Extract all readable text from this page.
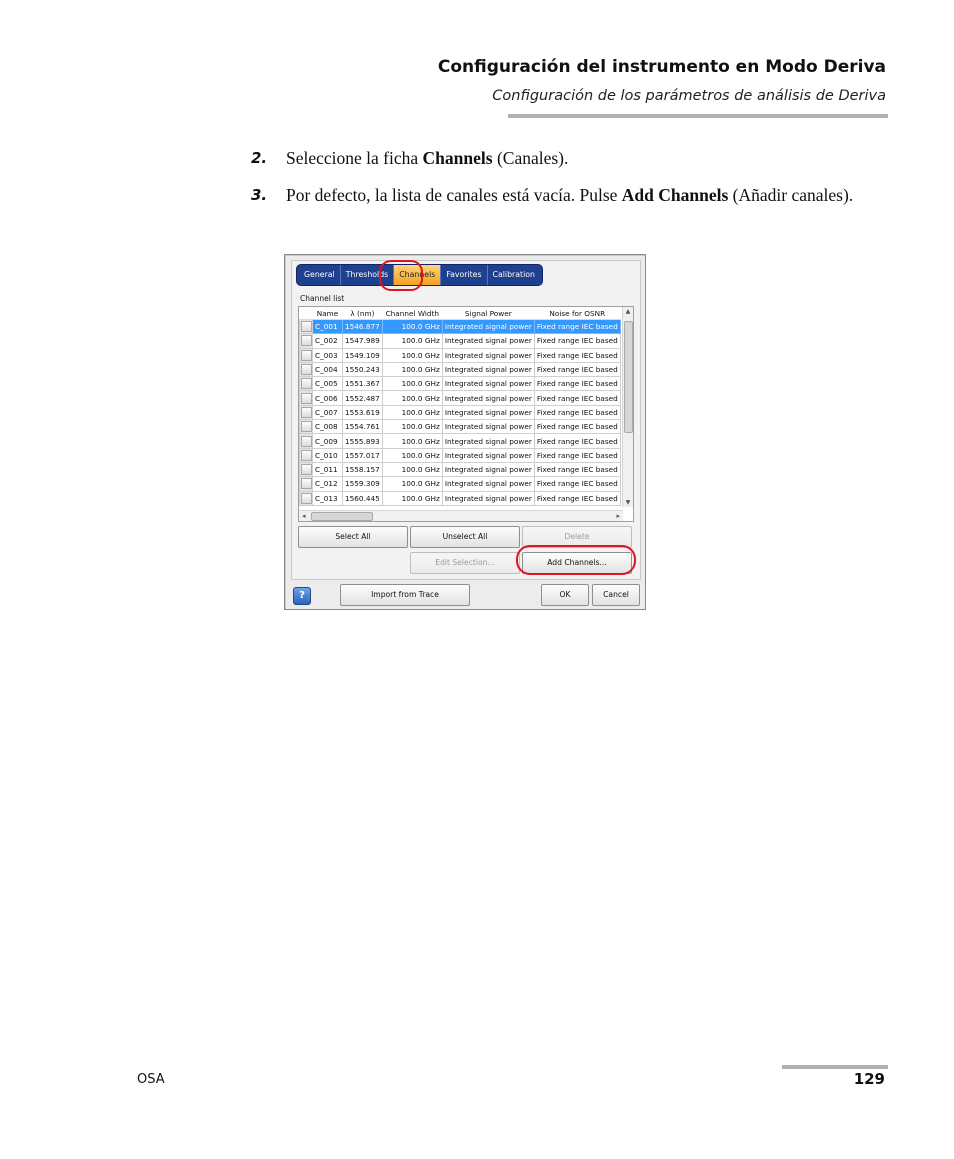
Configuración del instrumento en Modo Deriva
Configuración de los parámetros de análisis de Deriva
2. Seleccione la ficha Channels (Canales).
3. Por defecto, la lista de canales está vacía. Pulse Add Channels (Añadir canales).
General	Thresholds	Channels	Favorites	Calibration
Channel list
	Name	λ (nm)	Channel Width	Signal Power	Noise for OSNR

	C_001	1546.877	100.0 GHz	Integrated signal power	Fixed range IEC based

	C_002	1547.989	100.0 GHz	Integrated signal power	Fixed range IEC based

	C_003	1549.109	100.0 GHz	Integrated signal power	Fixed range IEC based

	C_004	1550.243	100.0 GHz	Integrated signal power	Fixed range IEC based

	C_005	1551.367	100.0 GHz	Integrated signal power	Fixed range IEC based

	C_006	1552.487	100.0 GHz	Integrated signal power	Fixed range IEC based

	C_007	1553.619	100.0 GHz	Integrated signal power	Fixed range IEC based

	C_008	1554.761	100.0 GHz	Integrated signal power	Fixed range IEC based

	C_009	1555.893	100.0 GHz	Integrated signal power	Fixed range IEC based

	C_010	1557.017	100.0 GHz	Integrated signal power	Fixed range IEC based

	C_011	1558.157	100.0 GHz	Integrated signal power	Fixed range IEC based

	C_012	1559.309	100.0 GHz	Integrated signal power	Fixed range IEC based

	C_013	1560.445	100.0 GHz	Integrated signal power	Fixed range IEC based
▲
▼
◂	▸
Select All	Unselect All	Delete
Edit Selection...	Add Channels...
?	Import from Trace	OK	Cancel
OSA	129
